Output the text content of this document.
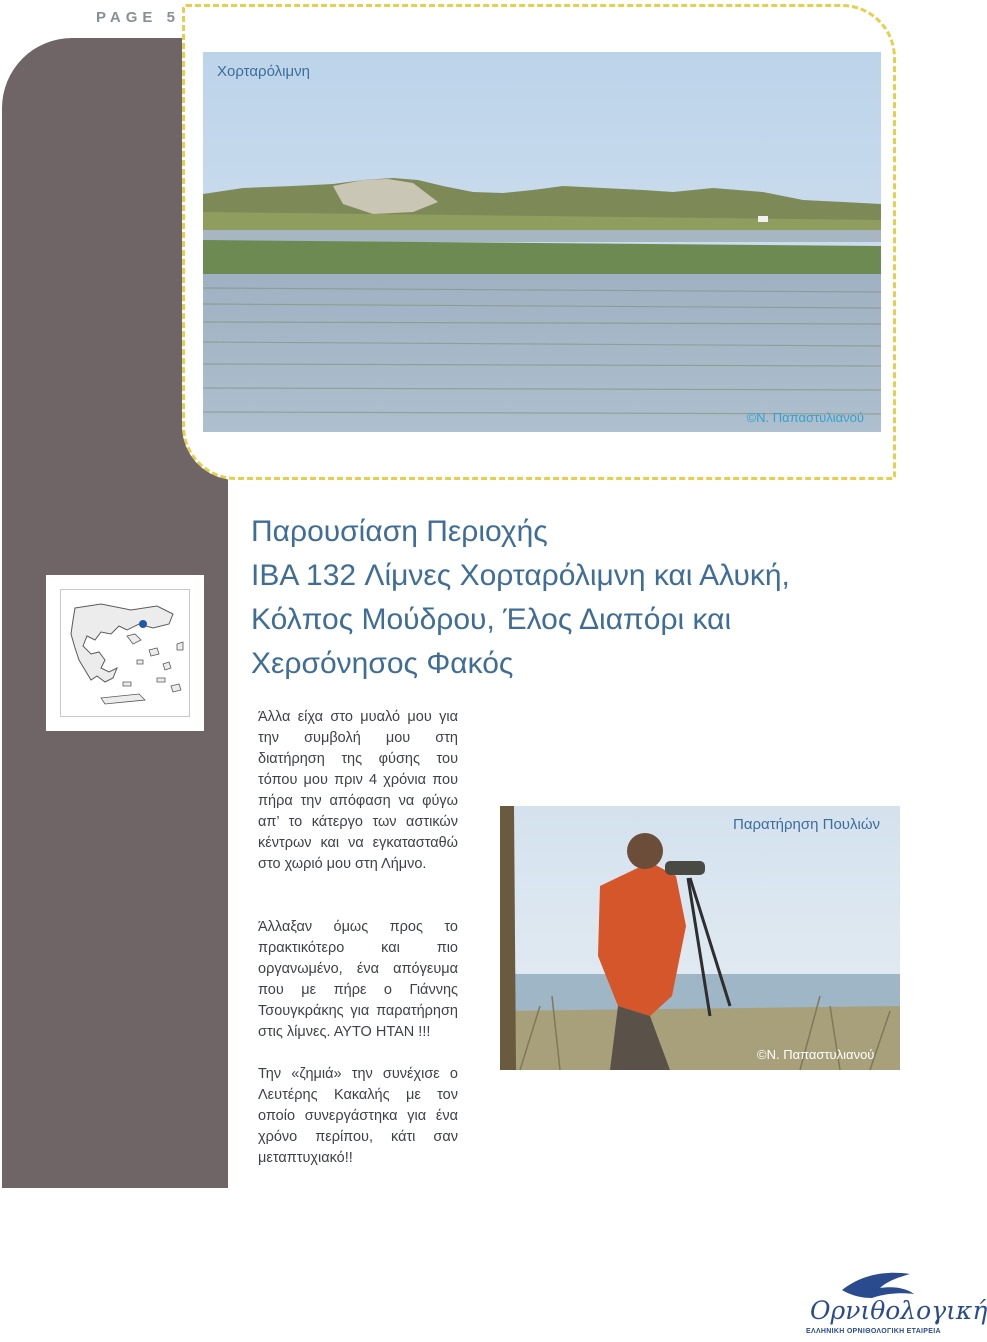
PAGE 5
Χορταρόλιμνη
©Ν. Παπαστυλιανού
Παρουσίαση Περιοχής
IBA 132 Λίμνες Χορταρόλιμνη και Αλυκή,
Κόλπος Μούδρου, Έλος Διαπόρι και
Χερσόνησος Φακός

Άλλα είχα στο μυαλό μου για την συμβολή μου στη διατήρηση της φύσης του τόπου μου πριν 4 χρόνια που πήρα την απόφαση να φύγω απ’ το κάτεργο των αστικών κέντρων και να εγκατασταθώ στο χωριό μου στη Λήμνο.

Άλλαξαν όμως προς το πρακτικότερο και πιο οργανωμένο, ένα απόγευμα που με πήρε ο Γιάννης Τσουγκράκης για παρατήρηση στις λίμνες. ΑΥΤΟ ΗΤΑΝ !!!

Την «ζημιά» την συνέχισε ο Λευτέρης Κακαλής με τον οποίο συνεργάστηκα για ένα χρόνο περίπου, κάτι σαν μεταπτυχιακό!!

Παρατήρηση Πουλιών
©Ν. Παπαστυλιανού
Ορνιθολογική
ΕΛΛΗΝΙΚΗ ΟΡΝΙΘΟΛΟΓΙΚΗ ΕΤΑΙΡΕΙΑ
